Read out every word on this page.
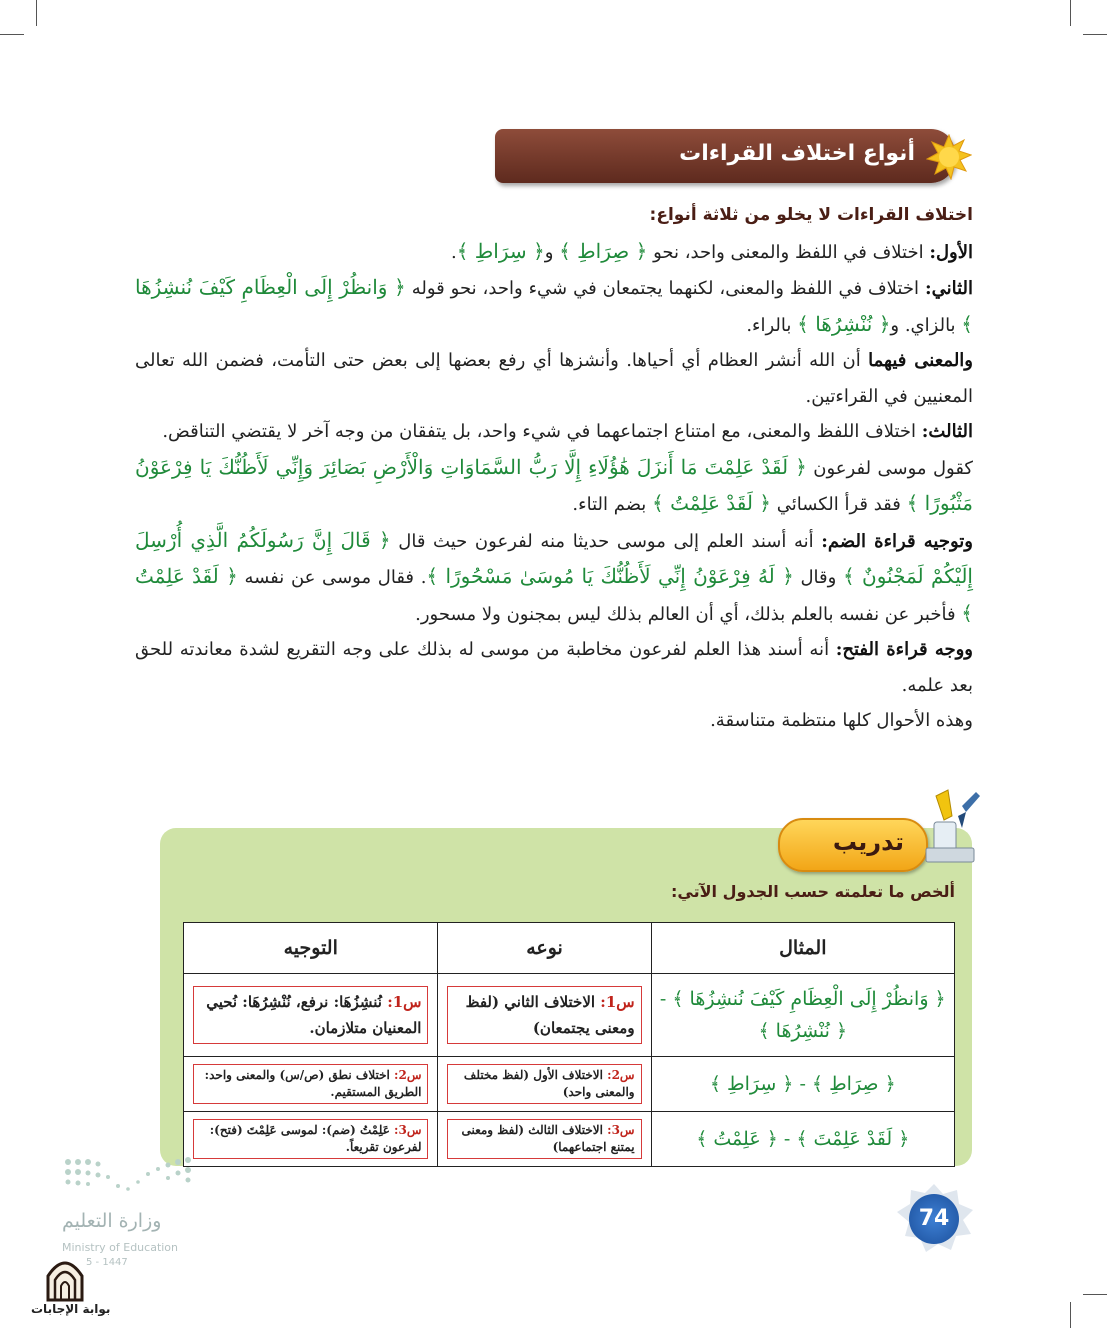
أنواع اختلاف القراءات

اختلاف القراءات لا يخلو من ثلاثة أنواع:

الأول: اختلاف في اللفظ والمعنى واحد، نحو ﴿ صِرَاطِ ﴾ و﴿ سِرَاطِ ﴾.

الثاني: اختلاف في اللفظ والمعنى، لكنهما يجتمعان في شيء واحد، نحو قوله ﴿ وَانظُرْ إِلَى الْعِظَامِ كَيْفَ نُنشِزُهَا ﴾ بالزاي. و﴿ نُنْشِرُهَا ﴾ بالراء.

والمعنى فيهما أن الله أنشر العظام أي أحياها. وأنشزها أي رفع بعضها إلى بعض حتى التأمت، فضمن الله تعالى المعنيين في القراءتين.

الثالث: اختلاف اللفظ والمعنى، مع امتناع اجتماعهما في شيء واحد، بل يتفقان من وجه آخر لا يقتضي التناقض.

كقول موسى لفرعون ﴿ لَقَدْ عَلِمْتَ مَا أَنزَلَ هَٰؤُلَاءِ إِلَّا رَبُّ السَّمَاوَاتِ وَالْأَرْضِ بَصَائِرَ وَإِنِّي لَأَظُنُّكَ يَا فِرْعَوْنُ مَثْبُورًا ﴾ فقد قرأ الكسائي ﴿ لَقَدْ عَلِمْتُ ﴾ بضم التاء.

وتوجيه قراءة الضم: أنه أسند العلم إلى موسى حديثا منه لفرعون حيث قال ﴿ قَالَ إِنَّ رَسُولَكُمُ الَّذِي أُرْسِلَ إِلَيْكُمْ لَمَجْنُونٌ ﴾ وقال ﴿ لَهُ فِرْعَوْنُ إِنِّي لَأَظُنُّكَ يَا مُوسَىٰ مَسْحُورًا ﴾. فقال موسى عن نفسه ﴿ لَقَدْ عَلِمْتُ ﴾ فأخبر عن نفسه بالعلم بذلك، أي أن العالم بذلك ليس بمجنون ولا مسحور.

ووجه قراءة الفتح: أنه أسند هذا العلم لفرعون مخاطبة من موسى له بذلك على وجه التقريع لشدة معاندته للحق بعد علمه.

وهذه الأحوال كلها منتظمة متناسقة.

تدريب
ألخص ما تعلمته حسب الجدول الآتي:
المثال	نوعه	التوجيه
﴿ وَانظُرْ إِلَى الْعِظَامِ كَيْفَ نُنشِزُهَا ﴾ - ﴿ نُنْشِرُهَا ﴾	س1: الاختلاف الثاني (لفظ ومعنى يجتمعان)	س1: نُنشِزُهَا: نرفع، نُنْشِرُهَا: نُحيي المعنيان متلازمان.

﴿ صِرَاطِ ﴾ - ﴿ سِرَاطِ ﴾	س2: الاختلاف الأول (لفظ مختلف والمعنى واحد)	س2: اختلاف نطق (ص/س) والمعنى واحد: الطريق المستقيم.

﴿ لَقَدْ عَلِمْتَ ﴾ - ﴿ عَلِمْتُ ﴾	س3: الاختلاف الثالث (لفظ ومعنى يمتنع اجتماعهما)	س3: عَلِمْتُ (ضم): لموسى عَلِمْتَ (فتح): لفرعون تقريعاً.
وزارة التعليم
Ministry of Education
5 - 1447
بوابة الإجابات
74
